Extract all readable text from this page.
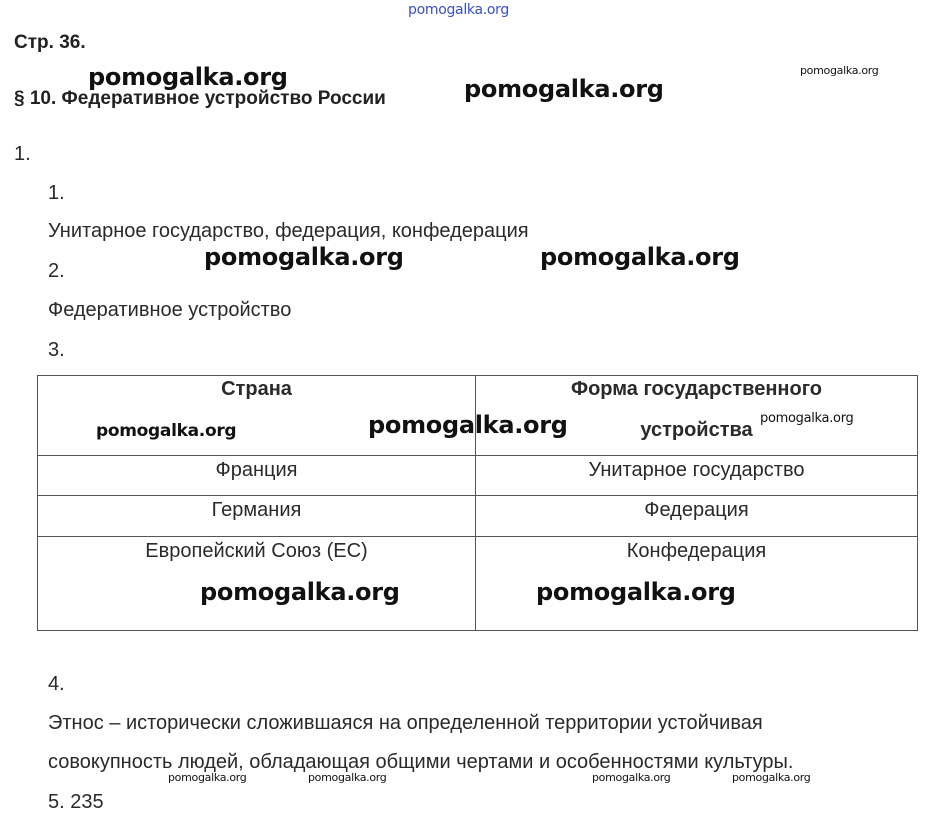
pomogalka.org
Стр. 36.
§ 10. Федеративное устройство России
1.
1.
Унитарное государство, федерация, конфедерация
2.
Федеративное устройство
3.
Страна	Форма государственного
устройства

Франция	Унитарное государство

Германия	Федерация

Европейский Союз (ЕС)	Конфедерация
4.
Этнос – исторически сложившаяся на определенной территории устойчивая
совокупность людей, обладающая общими чертами и особенностями культуры.
5. 235
pomogalka.org	pomogalka.org
pomogalka.org
pomogalka.org	pomogalka.org
pomogalka.org	pomogalka.org	pomogalka.org
pomogalka.org	pomogalka.org
pomogalka.org	pomogalka.org	pomogalka.org	pomogalka.org
